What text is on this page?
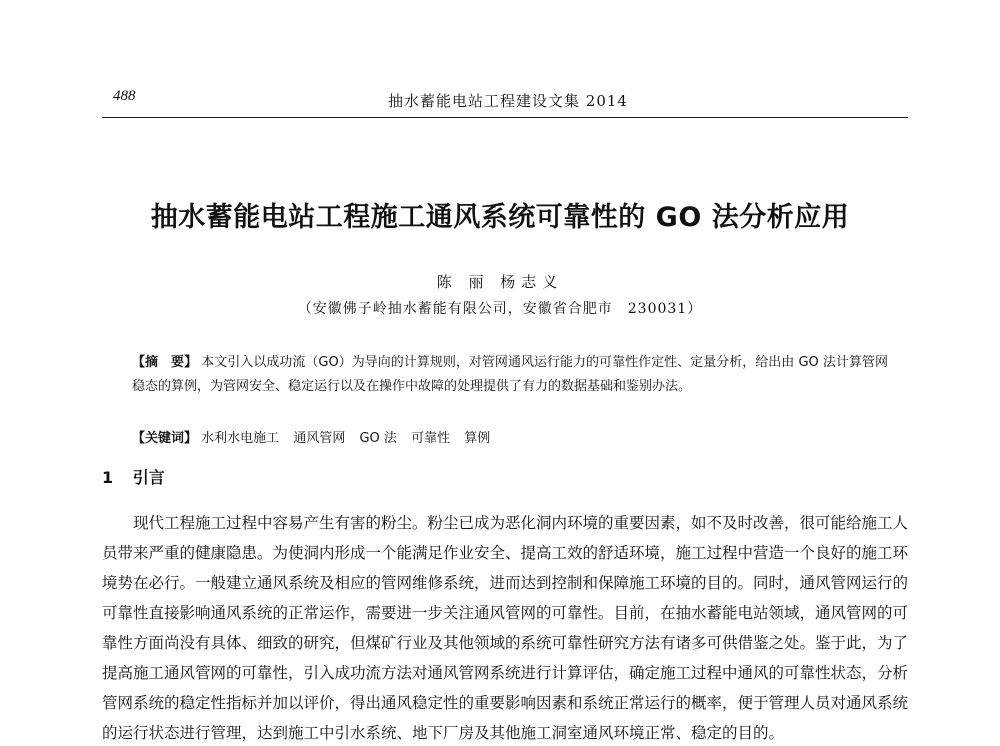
488	抽水蓄能电站工程建设文集 2014
抽水蓄能电站工程施工通风系统可靠性的 GO 法分析应用
陈 丽 杨志义
（安徽佛子岭抽水蓄能有限公司，安徽省合肥市　230031）
【摘　要】 本文引入以成功流（GO）为导向的计算规则，对管网通风运行能力的可靠性作定性、定量分析，给出由 GO 法计算管网稳态的算例，为管网安全、稳定运行以及在操作中故障的处理提供了有力的数据基础和鉴别办法。
【关键词】 水利水电施工 通风管网 GO 法 可靠性 算例
1 引言

现代工程施工过程中容易产生有害的粉尘。粉尘已成为恶化洞内环境的重要因素，如不及时改善，很可能给施工人员带来严重的健康隐患。为使洞内形成一个能满足作业安全、提高工效的舒适环境，施工过程中营造一个良好的施工环境势在必行。一般建立通风系统及相应的管网维修系统，进而达到控制和保障施工环境的目的。同时，通风管网运行的可靠性直接影响通风系统的正常运作，需要进一步关注通风管网的可靠性。目前，在抽水蓄能电站领域，通风管网的可靠性方面尚没有具体、细致的研究，但煤矿行业及其他领域的系统可靠性研究方法有诸多可供借鉴之处。鉴于此，为了提高施工通风管网的可靠性，引入成功流方法对通风管网系统进行计算评估，确定施工过程中通风的可靠性状态，分析管网系统的稳定性指标并加以评价，得出通风稳定性的重要影响因素和系统正常运行的概率，便于管理人员对通风系统的运行状态进行管理，达到施工中引水系统、地下厂房及其他施工洞室通风环境正常、稳定的目的。
